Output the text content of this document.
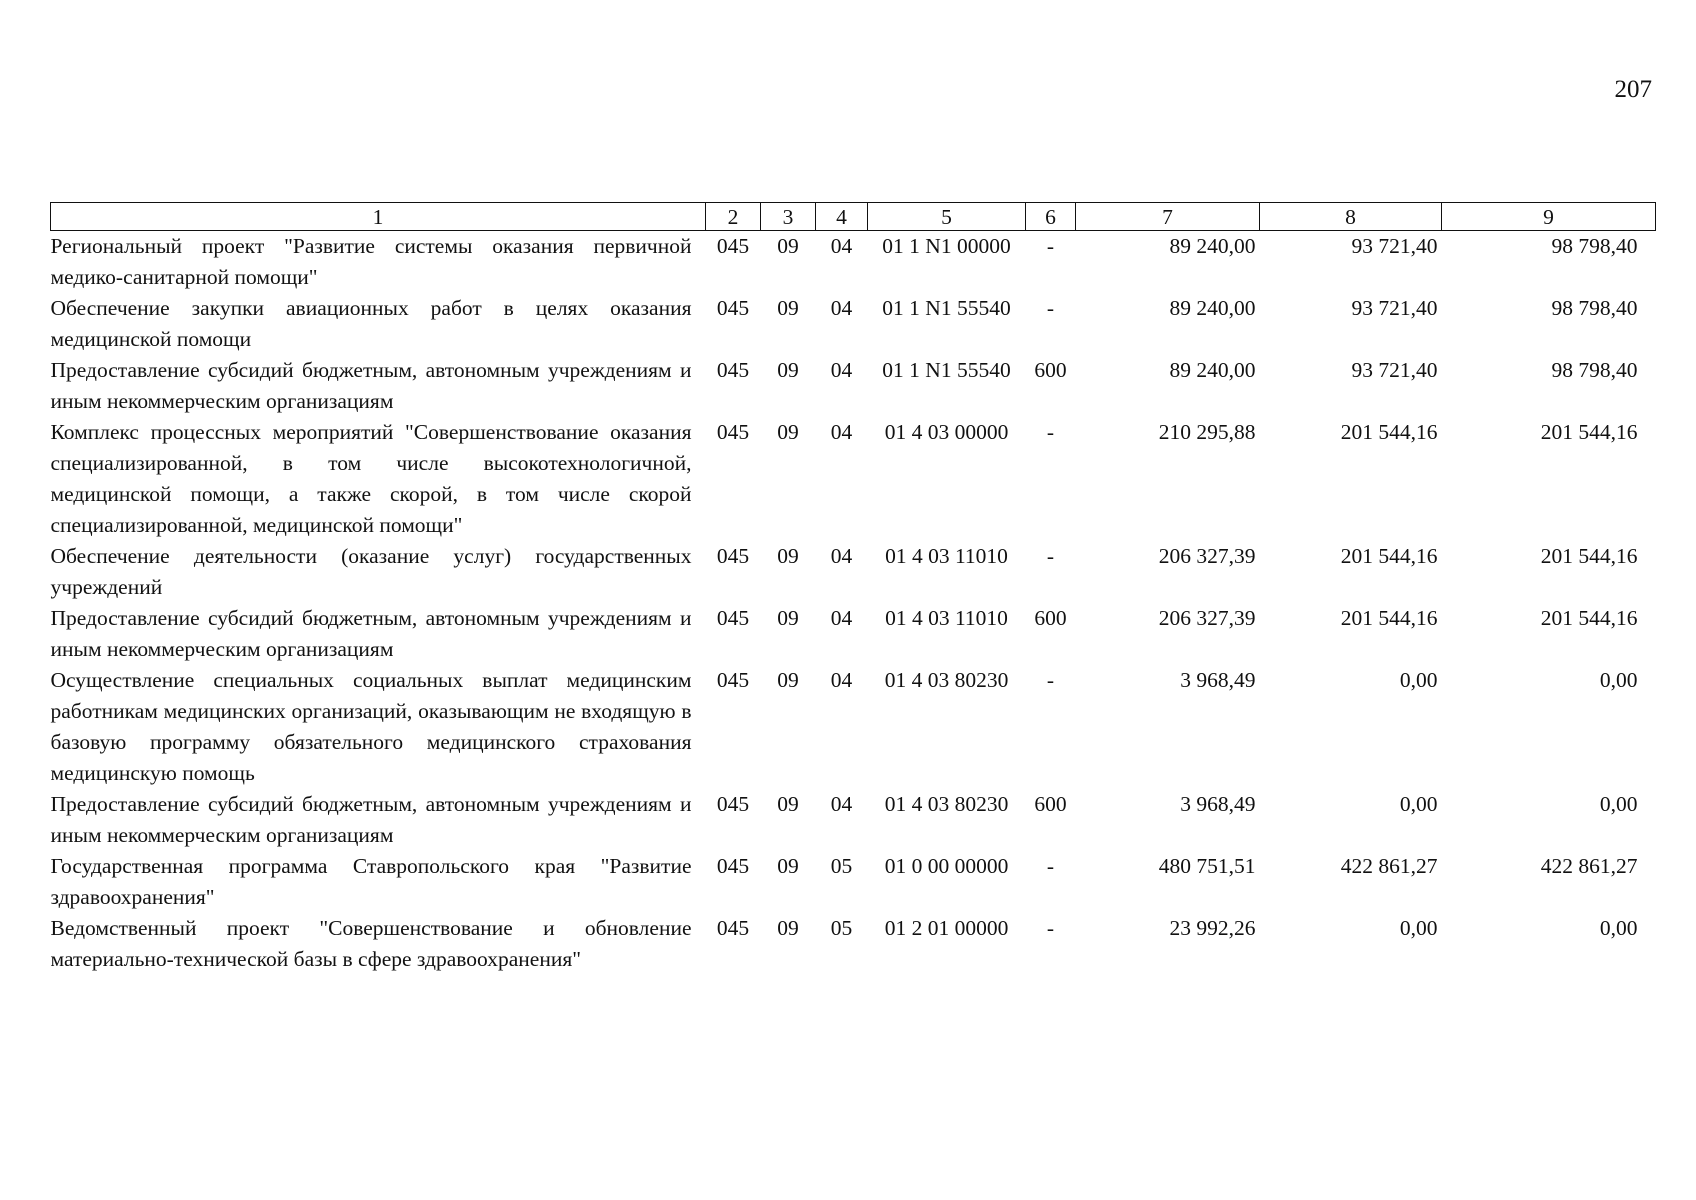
207
1	2	3	4	5	6	7	8	9
Региональный проект "Развитие системы оказания первичной медико-санитарной помощи"	045	09	04	01 1 N1 00000	-	89 240,00	93 721,40	98 798,40
Обеспечение закупки авиационных работ в целях оказания медицинской помощи	045	09	04	01 1 N1 55540	-	89 240,00	93 721,40	98 798,40
Предоставление субсидий бюджетным, автономным учреждениям и иным некоммерческим организациям	045	09	04	01 1 N1 55540	600	89 240,00	93 721,40	98 798,40
Комплекс процессных мероприятий "Совершенствование оказания специализированной, в том числе высокотехнологичной, медицинской помощи, а также скорой, в том числе скорой специализированной, медицинской помощи"	045	09	04	01 4 03 00000	-	210 295,88	201 544,16	201 544,16
Обеспечение деятельности (оказание услуг) государственных учреждений	045	09	04	01 4 03 11010	-	206 327,39	201 544,16	201 544,16
Предоставление субсидий бюджетным, автономным учреждениям и иным некоммерческим организациям	045	09	04	01 4 03 11010	600	206 327,39	201 544,16	201 544,16
Осуществление специальных социальных выплат медицинским работникам медицинских организаций, оказывающим не входящую в базовую программу обязательного медицинского страхования медицинскую помощь	045	09	04	01 4 03 80230	-	3 968,49	0,00	0,00
Предоставление субсидий бюджетным, автономным учреждениям и иным некоммерческим организациям	045	09	04	01 4 03 80230	600	3 968,49	0,00	0,00
Государственная программа Ставропольского края "Развитие здравоохранения"	045	09	05	01 0 00 00000	-	480 751,51	422 861,27	422 861,27
Ведомственный проект "Совершенствование и обновление материально-технической базы в сфере здравоохранения"	045	09	05	01 2 01 00000	-	23 992,26	0,00	0,00
